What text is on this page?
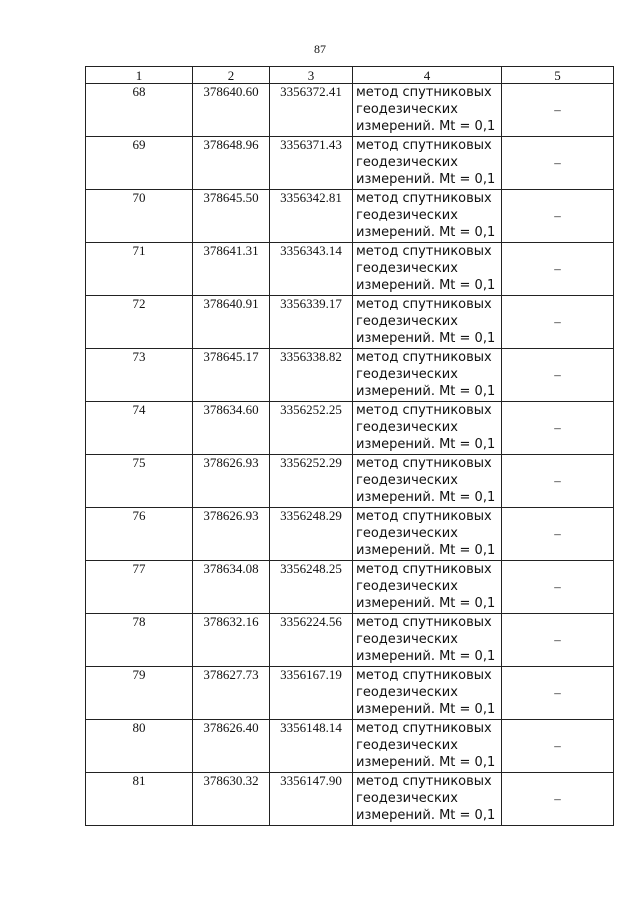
87
1	2	3	4	5
68	378640.60	3356372.41	метод спутниковых
геодезических
измерений. Mt = 0,1	–
69	378648.96	3356371.43	метод спутниковых
геодезических
измерений. Mt = 0,1	–
70	378645.50	3356342.81	метод спутниковых
геодезических
измерений. Mt = 0,1	–
71	378641.31	3356343.14	метод спутниковых
геодезических
измерений. Mt = 0,1	–
72	378640.91	3356339.17	метод спутниковых
геодезических
измерений. Mt = 0,1	–
73	378645.17	3356338.82	метод спутниковых
геодезических
измерений. Mt = 0,1	–
74	378634.60	3356252.25	метод спутниковых
геодезических
измерений. Mt = 0,1	–
75	378626.93	3356252.29	метод спутниковых
геодезических
измерений. Mt = 0,1	–
76	378626.93	3356248.29	метод спутниковых
геодезических
измерений. Mt = 0,1	–
77	378634.08	3356248.25	метод спутниковых
геодезических
измерений. Mt = 0,1	–
78	378632.16	3356224.56	метод спутниковых
геодезических
измерений. Mt = 0,1	–
79	378627.73	3356167.19	метод спутниковых
геодезических
измерений. Mt = 0,1	–
80	378626.40	3356148.14	метод спутниковых
геодезических
измерений. Mt = 0,1	–
81	378630.32	3356147.90	метод спутниковых
геодезических
измерений. Mt = 0,1	–
